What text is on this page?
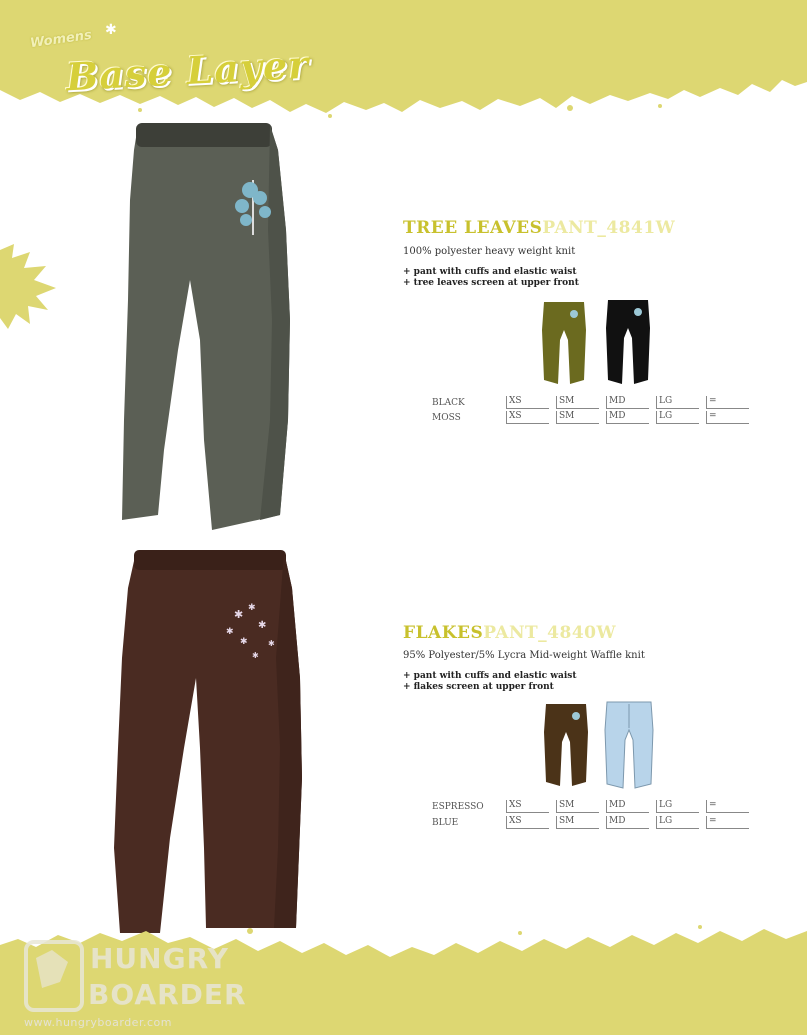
Womens ✱
Base Layer
TREE LEAVESPANT_4841W
100% polyester heavy weight knit
+ pant with cuffs and elastic waist
+ tree leaves screen at upper front
BLACK	XS	SM	MD	LG	=
MOSS	XS	SM	MD	LG	=
✱ ✱
✱
✱
✱	✱
✱
FLAKESPANT_4840W
95% Polyester/5% Lycra Mid-weight Waffle knit
+ pant with cuffs and elastic waist
+ flakes screen at upper front
ESPRESSO	XS	SM	MD	LG	=
BLUE	XS	SM	MD	LG	=
HUNGRY
BOARDER
www.hungryboarder.com
